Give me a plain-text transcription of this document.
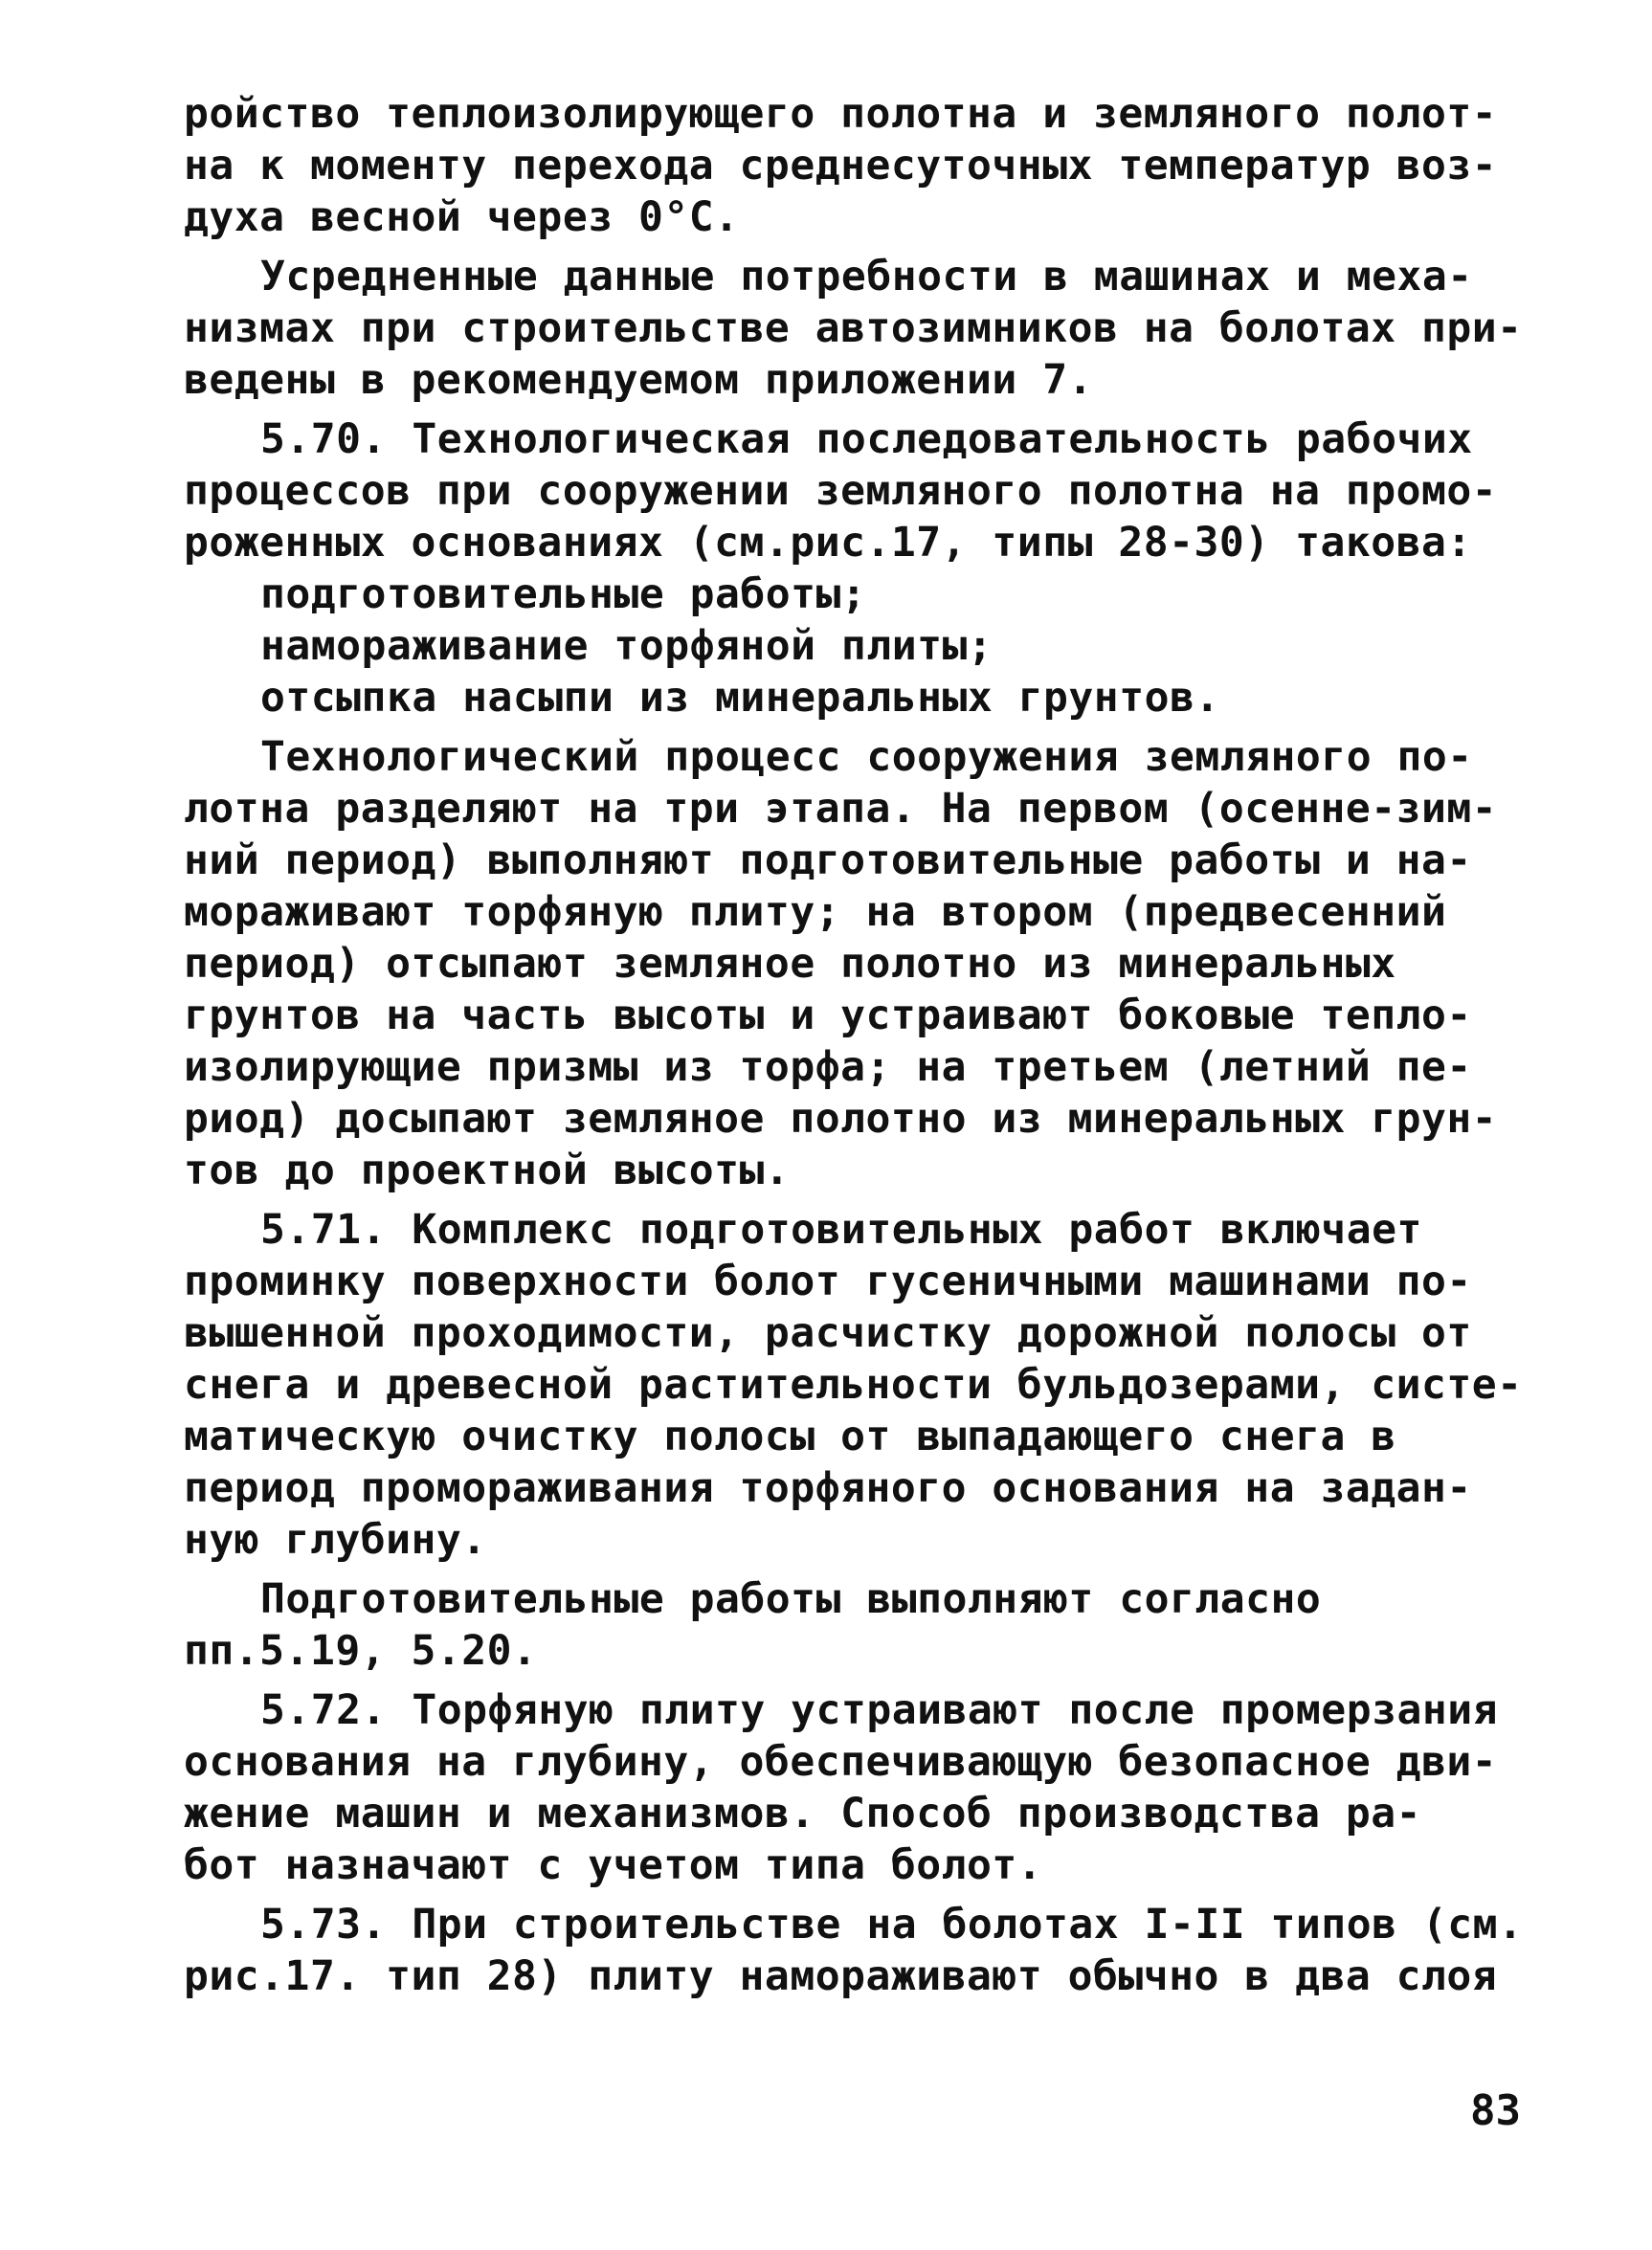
ройство теплоизолирующего полотна и земляного полот-
на к моменту перехода среднесуточных температур воз-
духа весной через 0°С.
Усредненные данные потребности в машинах и меха-
низмах при строительстве автозимников на болотах при-
ведены в рекомендуемом приложении 7.
5.70. Технологическая последовательность рабочих
процессов при сооружении земляного полотна на промо-
роженных основаниях (см.рис.17, типы 28-30) такова:
подготовительные работы;
намораживание торфяной плиты;
отсыпка насыпи из минеральных грунтов.
Технологический процесс сооружения земляного по-
лотна разделяют на три этапа. На первом (осенне-зим-
ний период) выполняют подготовительные работы и на-
мораживают торфяную плиту; на втором (предвесенний
период) отсыпают земляное полотно из минеральных
грунтов на часть высоты и устраивают боковые тепло-
изолирующие призмы из торфа; на третьем (летний пе-
риод) досыпают земляное полотно из минеральных грун-
тов до проектной высоты.
5.71. Комплекс подготовительных работ включает
проминку поверхности болот гусеничными машинами по-
вышенной проходимости, расчистку дорожной полосы от
снега и древесной растительности бульдозерами, систе-
матическую очистку полосы от выпадающего снега в
период промораживания торфяного основания на задан-
ную глубину.
Подготовительные работы выполняют согласно
пп.5.19, 5.20.
5.72. Торфяную плиту устраивают после промерзания
основания на глубину, обеспечивающую безопасное дви-
жение машин и механизмов. Способ производства ра-
бот назначают с учетом типа болот.
5.73. При строительстве на болотах I-II типов (см.
рис.17. тип 28) плиту намораживают обычно в два слоя
83
